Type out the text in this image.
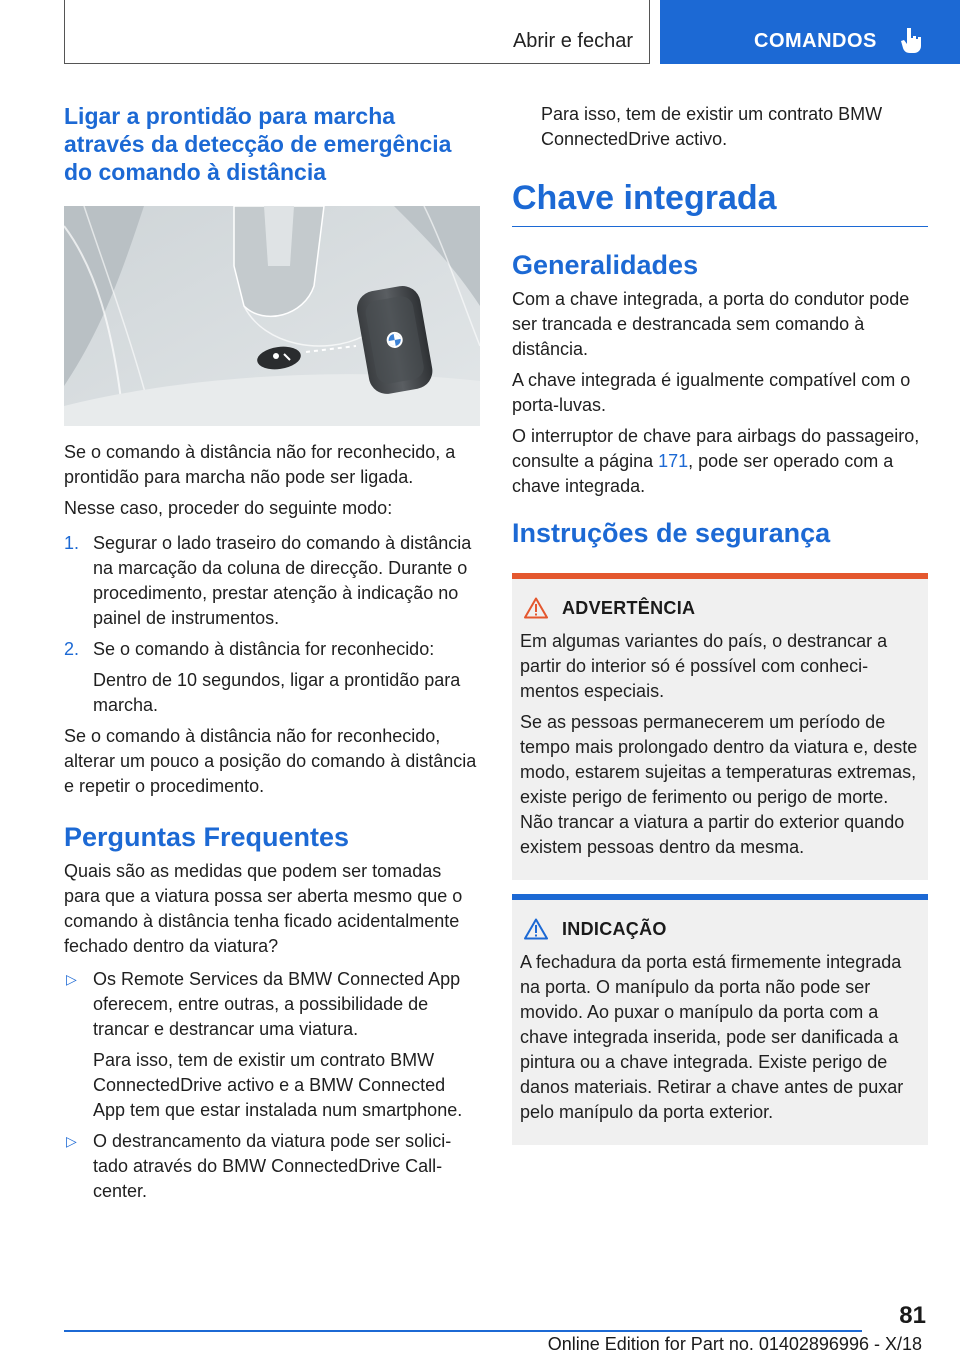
Abrir e fechar	COMANDOS
Ligar a prontidão para marcha através da detecção de emergência do comando à distância
Se o comando à distância não for reconhecido, a prontidão para marcha não pode ser ligada.
Nesse caso, proceder do seguinte modo:
1. Segurar o lado traseiro do comando à distância na marcação da coluna de direcção. Durante o procedimento, prestar atenção à indicação no painel de instrumentos.
2. Se o comando à distância for reconhecido:
Dentro de 10 segundos, ligar a prontidão para marcha.
Se o comando à distância não for reconhecido, alterar um pouco a posição do comando à distância e repetir o procedimento.
Perguntas Frequentes
Quais são as medidas que podem ser tomadas para que a viatura possa ser aberta mesmo que o comando à distância tenha ficado acidentalmente fechado dentro da viatura?
▷ Os Remote Services da BMW Connected App oferecem, entre outras, a possibilidade de trancar e destrancar uma viatura.
Para isso, tem de existir um contrato BMW ConnectedDrive activo e a BMW Connected App tem que estar instalada num smartphone.
▷ O destrancamento da viatura pode ser solicitado através do BMW ConnectedDrive Callcenter.
Para isso, tem de existir um contrato BMW ConnectedDrive activo.
Chave integrada
Generalidades
Com a chave integrada, a porta do condutor pode ser trancada e destrancada sem comando à distância.
A chave integrada é igualmente compatível com o porta-luvas.
O interruptor de chave para airbags do passageiro, consulte a página 171, pode ser operado com a chave integrada.
Instruções de segurança
ADVERTÊNCIA
Em algumas variantes do país, o destrancar a partir do interior só é possível com conhecimentos especiais.
Se as pessoas permanecerem um período de tempo mais prolongado dentro da viatura e, deste modo, estarem sujeitas a temperaturas extremas, existe perigo de ferimento ou perigo de morte. Não trancar a viatura a partir do exterior quando existem pessoas dentro da mesma.
INDICAÇÃO
A fechadura da porta está firmemente integrada na porta. O manípulo da porta não pode ser movido. Ao puxar o manípulo da porta com a chave integrada inserida, pode ser danificada a pintura ou a chave integrada. Existe perigo de danos materiais. Retirar a chave antes de puxar pelo manípulo da porta exterior.
81
Online Edition for Part no. 01402896996 - X/18
